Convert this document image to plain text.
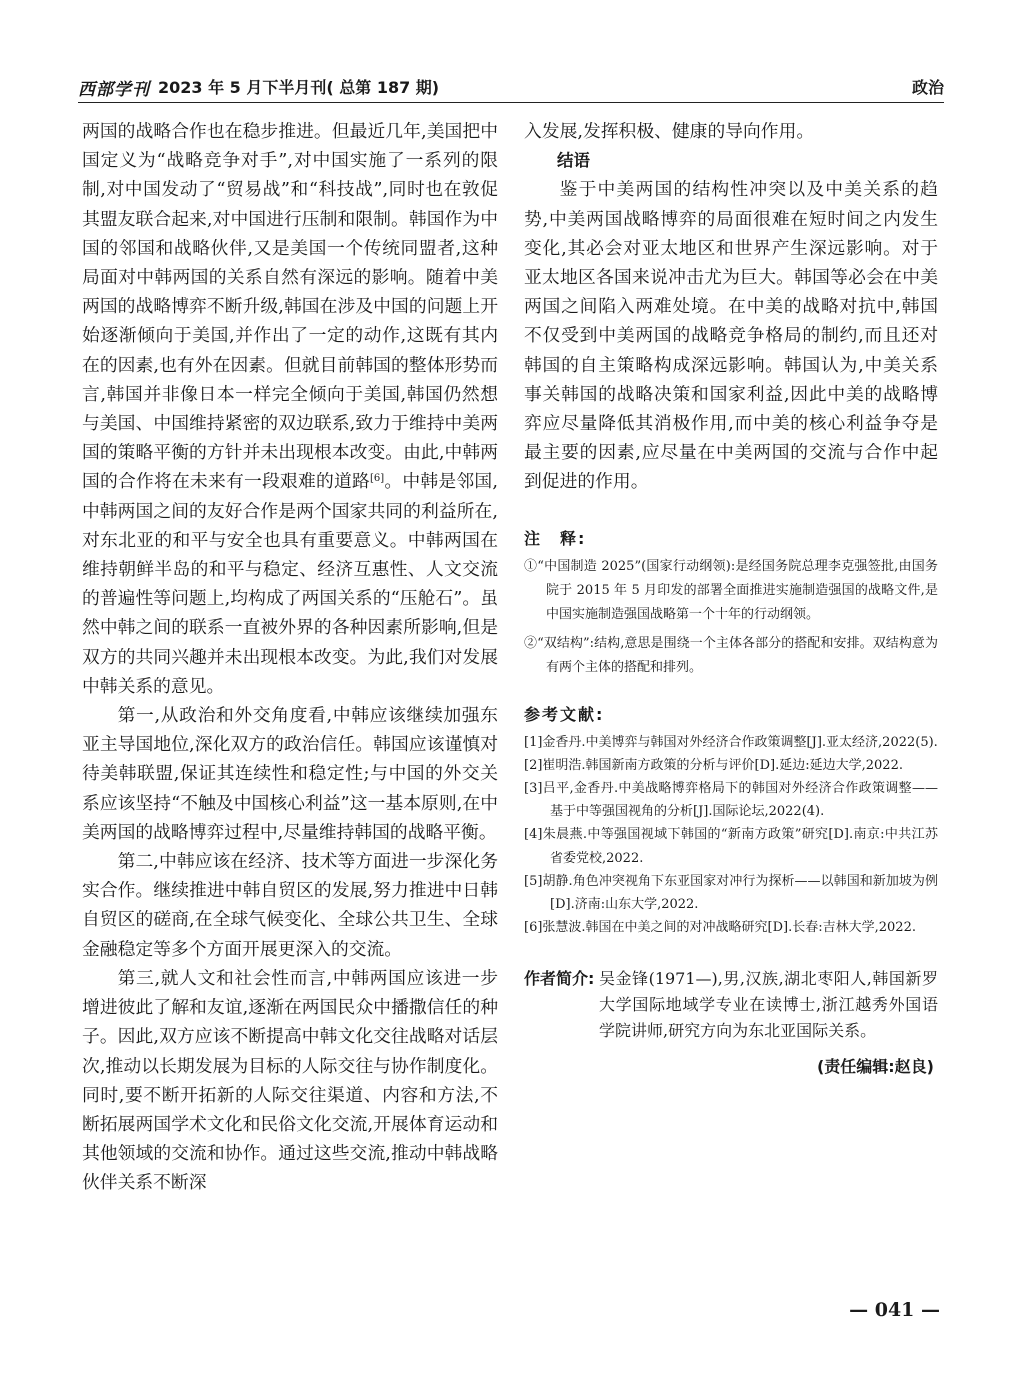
西部学刊 2023 年 5 月下半月刊( 总第 187 期)	政治

两国的战略合作也在稳步推进。但最近几年,美国把中国定义为“战略竞争对手”,对中国实施了一系列的限制,对中国发动了“贸易战”和“科技战”,同时也在敦促其盟友联合起来,对中国进行压制和限制。韩国作为中国的邻国和战略伙伴,又是美国一个传统同盟者,这种局面对中韩两国的关系自然有深远的影响。随着中美两国的战略博弈不断升级,韩国在涉及中国的问题上开始逐渐倾向于美国,并作出了一定的动作,这既有其内在的因素,也有外在因素。但就目前韩国的整体形势而言,韩国并非像日本一样完全倾向于美国,韩国仍然想与美国、中国维持紧密的双边联系,致力于维持中美两国的策略平衡的方针并未出现根本改变。由此,中韩两国的合作将在未来有一段艰难的道路[6]。中韩是邻国,中韩两国之间的友好合作是两个国家共同的利益所在,对东北亚的和平与安全也具有重要意义。中韩两国在维持朝鲜半岛的和平与稳定、经济互惠性、人文交流的普遍性等问题上,均构成了两国关系的“压舱石”。虽然中韩之间的联系一直被外界的各种因素所影响,但是双方的共同兴趣并未出现根本改变。为此,我们对发展中韩关系的意见。

第一,从政治和外交角度看,中韩应该继续加强东亚主导国地位,深化双方的政治信任。韩国应该谨慎对待美韩联盟,保证其连续性和稳定性;与中国的外交关系应该坚持“不触及中国核心利益”这一基本原则,在中美两国的战略博弈过程中,尽量维持韩国的战略平衡。

第二,中韩应该在经济、技术等方面进一步深化务实合作。继续推进中韩自贸区的发展,努力推进中日韩自贸区的磋商,在全球气候变化、全球公共卫生、全球金融稳定等多个方面开展更深入的交流。

第三,就人文和社会性而言,中韩两国应该进一步增进彼此了解和友谊,逐渐在两国民众中播撒信任的种子。因此,双方应该不断提高中韩文化交往战略对话层次,推动以长期发展为目标的人际交往与协作制度化。同时,要不断开拓新的人际交往渠道、内容和方法,不断拓展两国学术文化和民俗文化交流,开展体育运动和其他领域的交流和协作。通过这些交流,推动中韩战略伙伴关系不断深

入发展,发挥积极、健康的导向作用。

结语

鉴于中美两国的结构性冲突以及中美关系的趋势,中美两国战略博弈的局面很难在短时间之内发生变化,其必会对亚太地区和世界产生深远影响。对于亚太地区各国来说冲击尤为巨大。韩国等必会在中美两国之间陷入两难处境。在中美的战略对抗中,韩国不仅受到中美两国的战略竞争格局的制约,而且还对韩国的自主策略构成深远影响。韩国认为,中美关系事关韩国的战略决策和国家利益,因此中美的战略博弈应尽量降低其消极作用,而中美的核心利益争夺是最主要的因素,应尽量在中美两国的交流与合作中起到促进的作用。

注　释:

①“中国制造 2025”(国家行动纲领):是经国务院总理李克强签批,由国务院于 2015 年 5 月印发的部署全面推进实施制造强国的战略文件,是中国实施制造强国战略第一个十年的行动纲领。

②“双结构”:结构,意思是围绕一个主体各部分的搭配和安排。双结构意为有两个主体的搭配和排列。

参考文献:

[1]金香丹.中美博弈与韩国对外经济合作政策调整[J].亚太经济,2022(5).

[2]崔明浩.韩国新南方政策的分析与评价[D].延边:延边大学,2022.

[3]吕平,金香丹.中美战略博弈格局下的韩国对外经济合作政策调整——基于中等强国视角的分析[J].国际论坛,2022(4).

[4]朱晨燕.中等强国视域下韩国的“新南方政策”研究[D].南京:中共江苏省委党校,2022.

[5]胡静.角色冲突视角下东亚国家对冲行为探析——以韩国和新加坡为例[D].济南:山东大学,2022.

[6]张慧波.韩国在中美之间的对冲战略研究[D].长春:吉林大学,2022.

作者简介: 吴金锋(1971—),男,汉族,湖北枣阳人,韩国新罗大学国际地域学专业在读博士,浙江越秀外国语学院讲师,研究方向为东北亚国际关系。
(责任编辑:赵良)
— 041 —
